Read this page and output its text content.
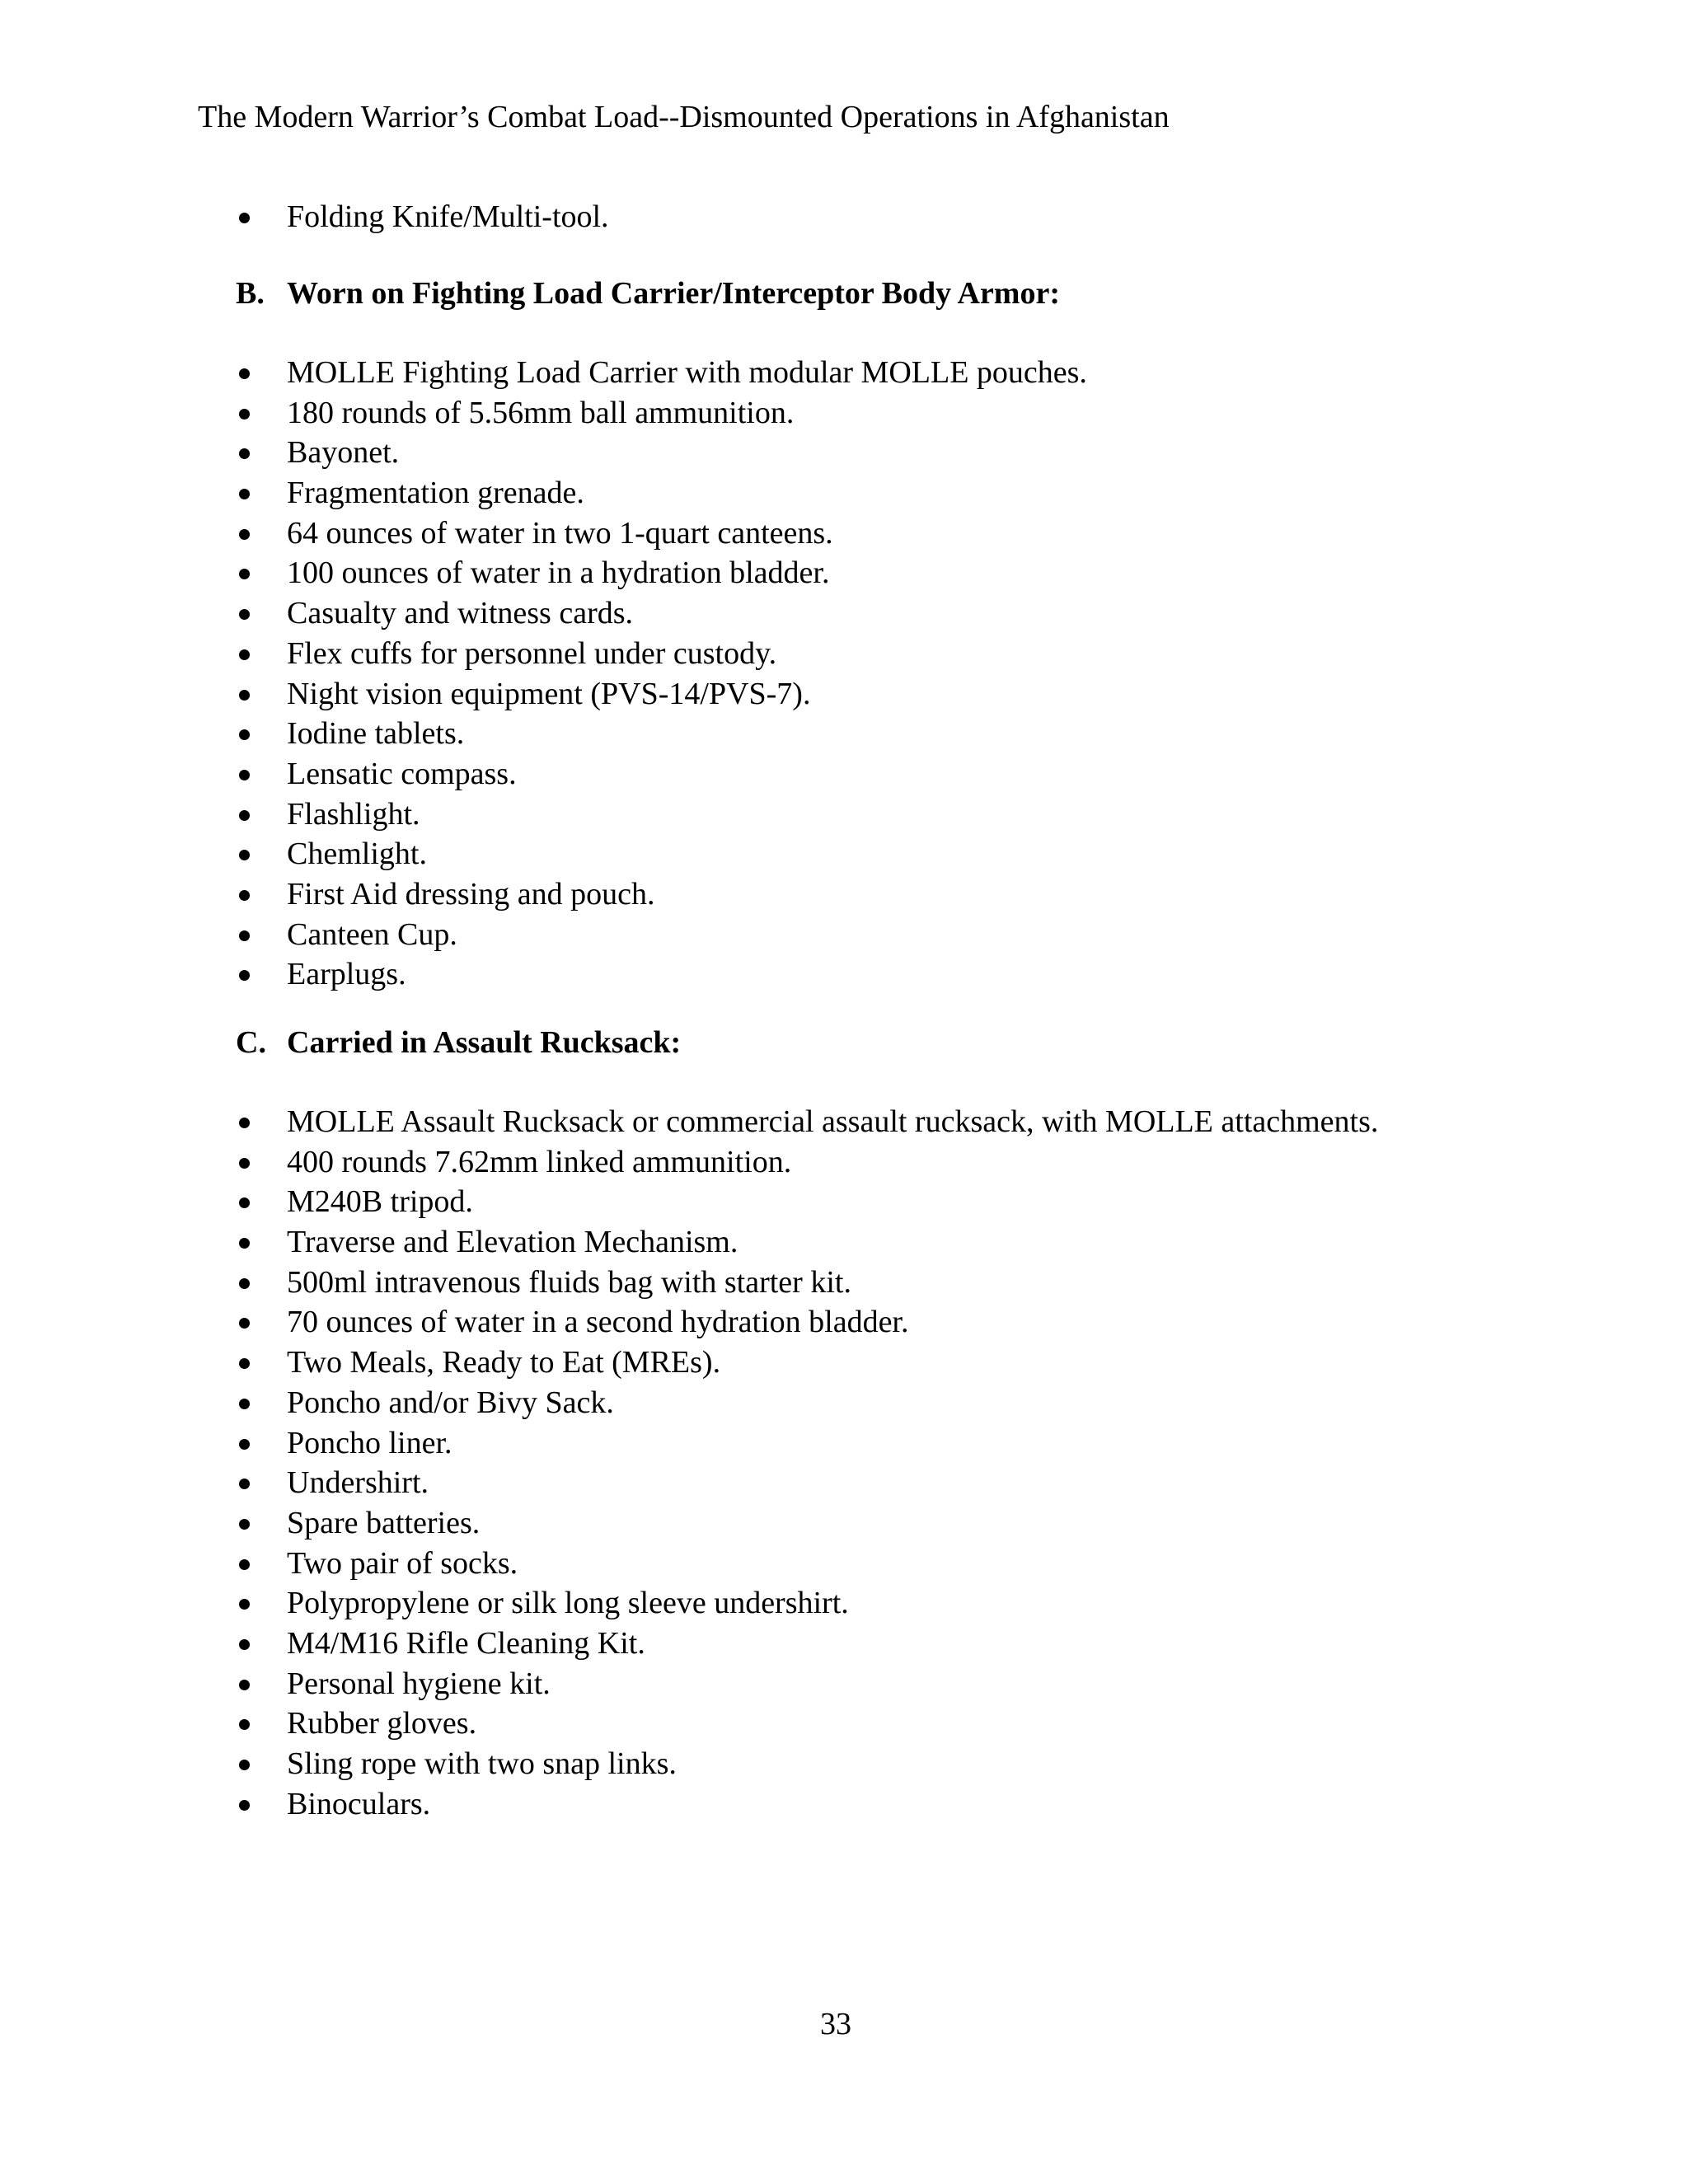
The Modern Warrior’s Combat Load--Dismounted Operations in Afghanistan
Folding Knife/Multi-tool.
B. Worn on Fighting Load Carrier/Interceptor Body Armor:
MOLLE Fighting Load Carrier with modular MOLLE pouches.
180 rounds of 5.56mm ball ammunition.
Bayonet.
Fragmentation grenade.
64 ounces of water in two 1-quart canteens.
100 ounces of water in a hydration bladder.
Casualty and witness cards.
Flex cuffs for personnel under custody.
Night vision equipment (PVS-14/PVS-7).
Iodine tablets.
Lensatic compass.
Flashlight.
Chemlight.
First Aid dressing and pouch.
Canteen Cup.
Earplugs.
C. Carried in Assault Rucksack:
MOLLE Assault Rucksack or commercial assault rucksack, with MOLLE attachments.
400 rounds 7.62mm linked ammunition.
M240B tripod.
Traverse and Elevation Mechanism.
500ml intravenous fluids bag with starter kit.
70 ounces of water in a second hydration bladder.
Two Meals, Ready to Eat (MREs).
Poncho and/or Bivy Sack.
Poncho liner.
Undershirt.
Spare batteries.
Two pair of socks.
Polypropylene or silk long sleeve undershirt.
M4/M16 Rifle Cleaning Kit.
Personal hygiene kit.
Rubber gloves.
Sling rope with two snap links.
Binoculars.
33
